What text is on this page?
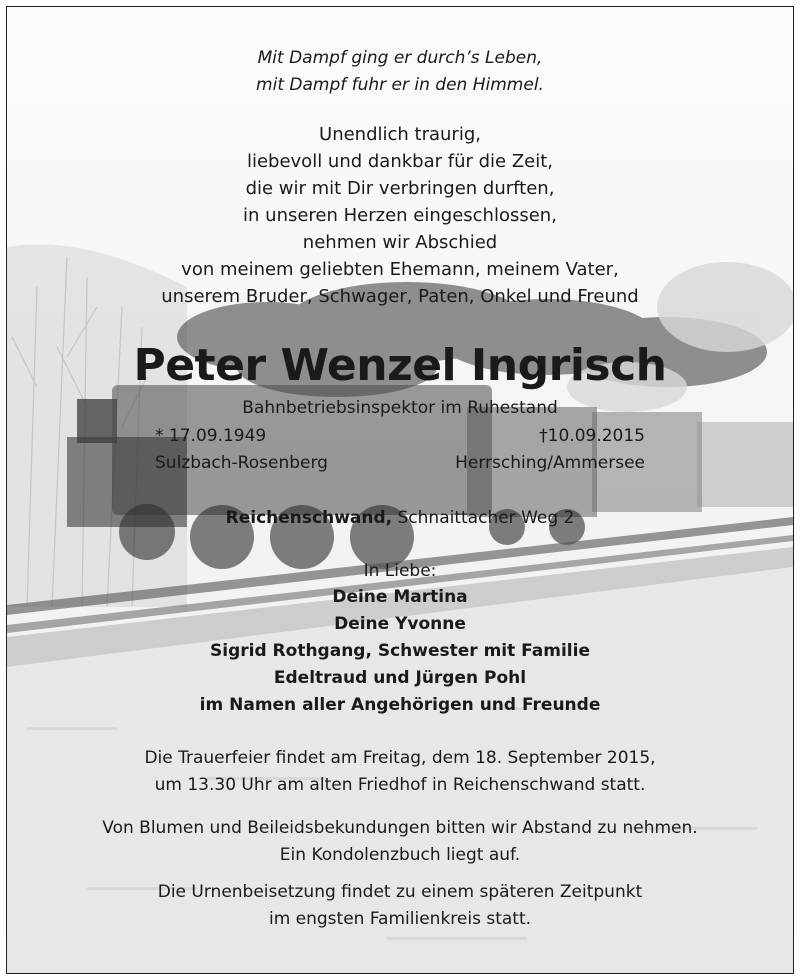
Mit Dampf ging er durch’s Leben,
mit Dampf fuhr er in den Himmel.
Unendlich traurig,
liebevoll und dankbar für die Zeit,
die wir mit Dir verbringen durften,
in unseren Herzen eingeschlossen,
nehmen wir Abschied
von meinem geliebten Ehemann, meinem Vater,
unserem Bruder, Schwager, Paten, Onkel und Freund
Peter Wenzel Ingrisch
Bahnbetriebsinspektor im Ruhestand
* 17.09.1949	†10.09.2015
Sulzbach-Rosenberg	Herrsching/Ammersee
Reichenschwand, Schnaittacher Weg 2
In Liebe:
Deine Martina
Deine Yvonne
Sigrid Rothgang, Schwester mit Familie
Edeltraud und Jürgen Pohl
im Namen aller Angehörigen und Freunde
Die Trauerfeier findet am Freitag, dem 18. September 2015,
um 13.30 Uhr am alten Friedhof in Reichenschwand statt.
Von Blumen und Beileidsbekundungen bitten wir Abstand zu nehmen.
Ein Kondolenzbuch liegt auf.
Die Urnenbeisetzung findet zu einem späteren Zeitpunkt
im engsten Familienkreis statt.
